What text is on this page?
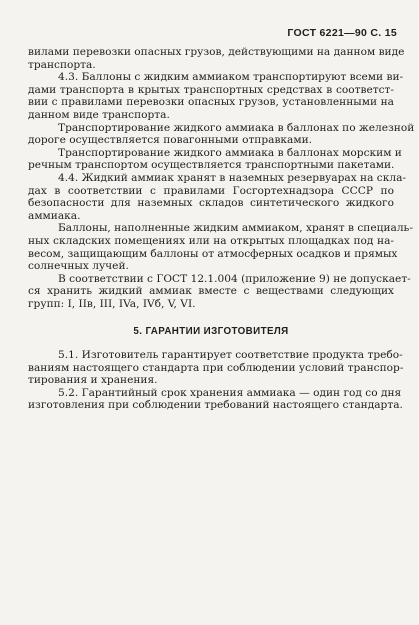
ГОСТ 6221—90 С. 15

вилами перевозки опасных грузов, действующими на данном виде
транспорта.

4.3. Баллоны с жидким аммиаком транспортируют всеми ви-
дами транспорта в крытых транспортных средствах в соответст-
вии с правилами перевозки опасных грузов, установленными на
данном виде транспорта.

Транспортирование жидкого аммиака в баллонах по железной
дороге осуществляется повагонными отправками.
Транспортирование жидкого аммиака в баллонах морским и
речным транспортом осуществляется транспортными пакетами.

4.4. Жидкий аммиак хранят в наземных резервуарах на скла-
дах в соответствии с правилами Госгортехнадзора СССР по
безопасности для наземных складов синтетического жидкого
аммиака.

Баллоны, наполненные жидким аммиаком, хранят в специаль-
ных складских помещениях или на открытых площадках под на-
весом, защищающим баллоны от атмосферных осадков и прямых
солнечных лучей.

В соответствии с ГОСТ 12.1.004 (приложение 9) не допускает-
ся хранить жидкий аммиак вместе с веществами следующих
групп: I, IIв, III, IVa, IVб, V, VI.

5. ГАРАНТИИ ИЗГОТОВИТЕЛЯ

5.1. Изготовитель гарантирует соответствие продукта требо-
ваниям настоящего стандарта при соблюдении условий транспор-
тирования и хранения.

5.2. Гарантийный срок хранения аммиака — один год со дня
изготовления при соблюдении требований настоящего стандарта.
